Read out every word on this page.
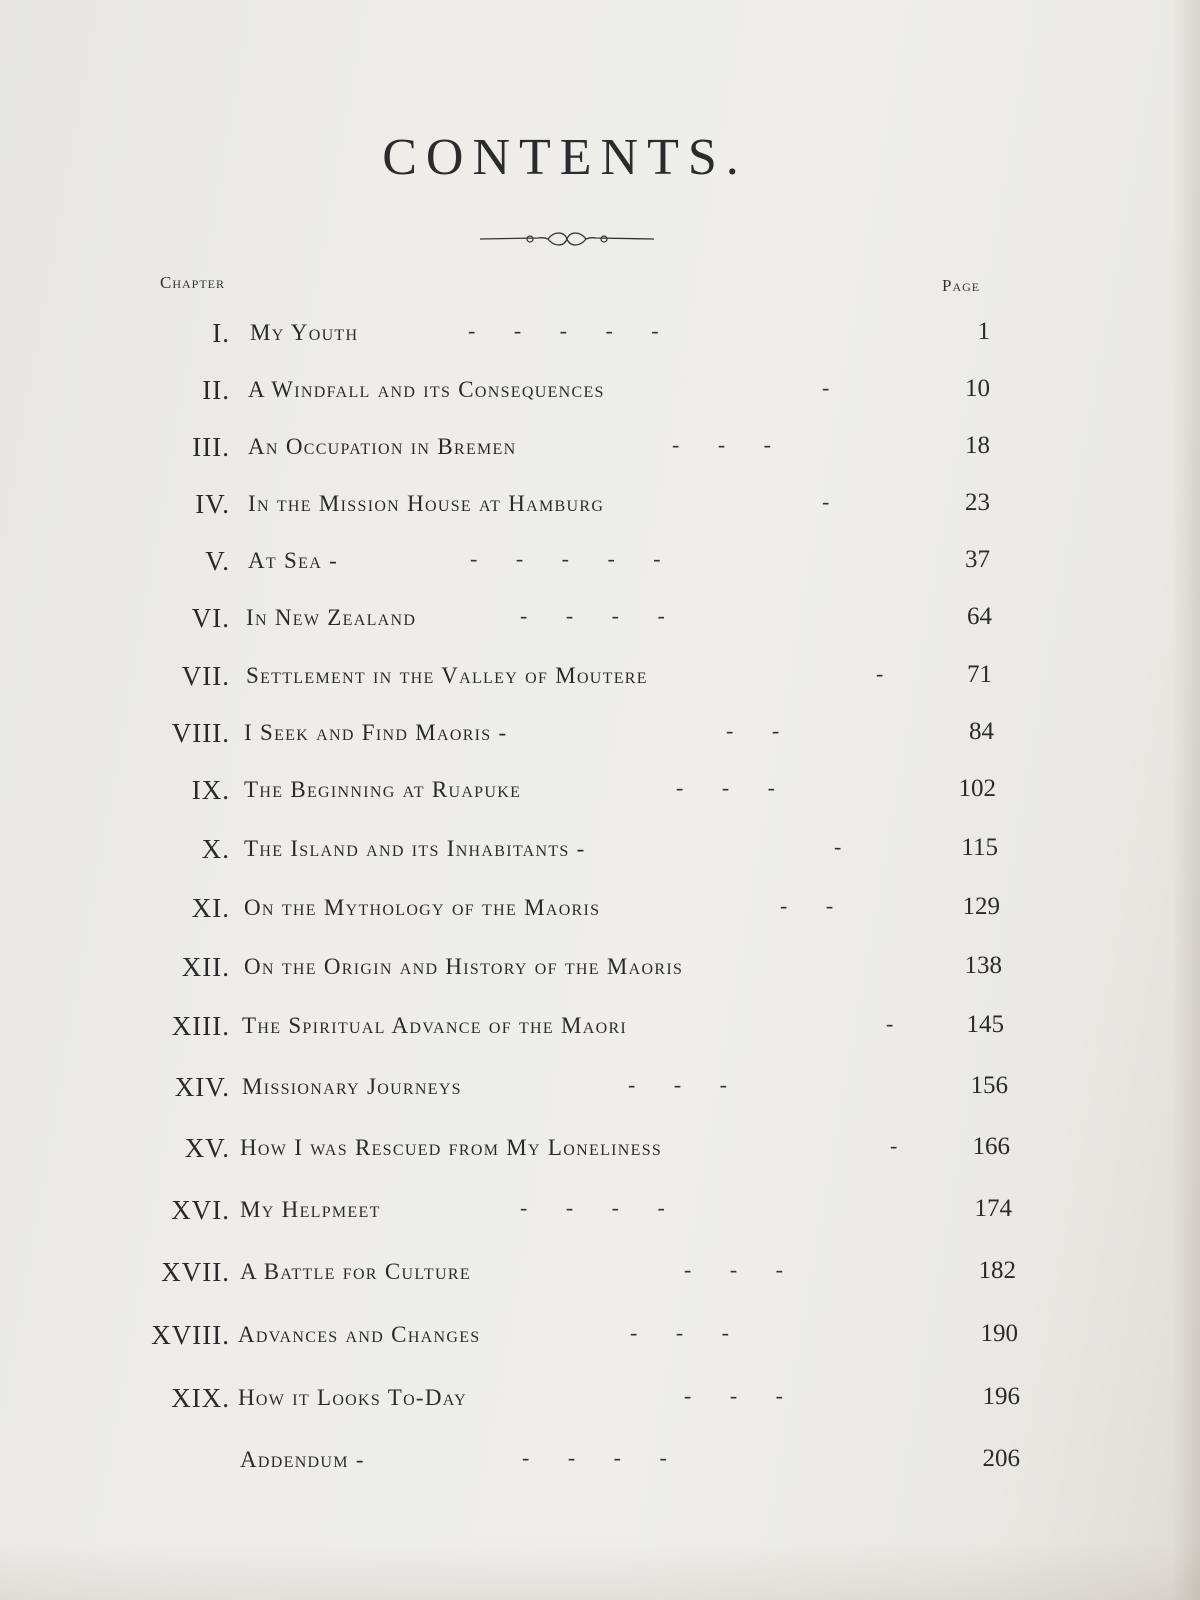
CONTENTS.
Chapter	Page
I. My Youth	-       -       -       -       -	1
II. A Windfall and its Consequences	-	10
III. An Occupation in Bremen	-       -       -	18
IV. In the Mission House at Hamburg	-	23
V. At Sea -	-       -       -       -       -	37
VI. In New Zealand	-       -       -       -	64
VII. Settlement in the Valley of Moutere	-	71
VIII. I Seek and Find Maoris -	-       -	84
IX. The Beginning at Ruapuke	-       -       -	102
X. The Island and its Inhabitants -	-	115
XI. On the Mythology of the Maoris	-       -	129
XII. On the Origin and History of the Maoris	138
XIII. The Spiritual Advance of the Maori	-	145
XIV. Missionary Journeys	-       -       -	156
XV. How I was Rescued from My Loneliness	-	166
XVI. My Helpmeet	-       -       -       -	174
XVII. A Battle for Culture	-       -       -	182
XVIII. Advances and Changes	-       -       -	190
XIX. How it Looks To-Day	-       -       -	196
Addendum -	-       -       -       -	206
